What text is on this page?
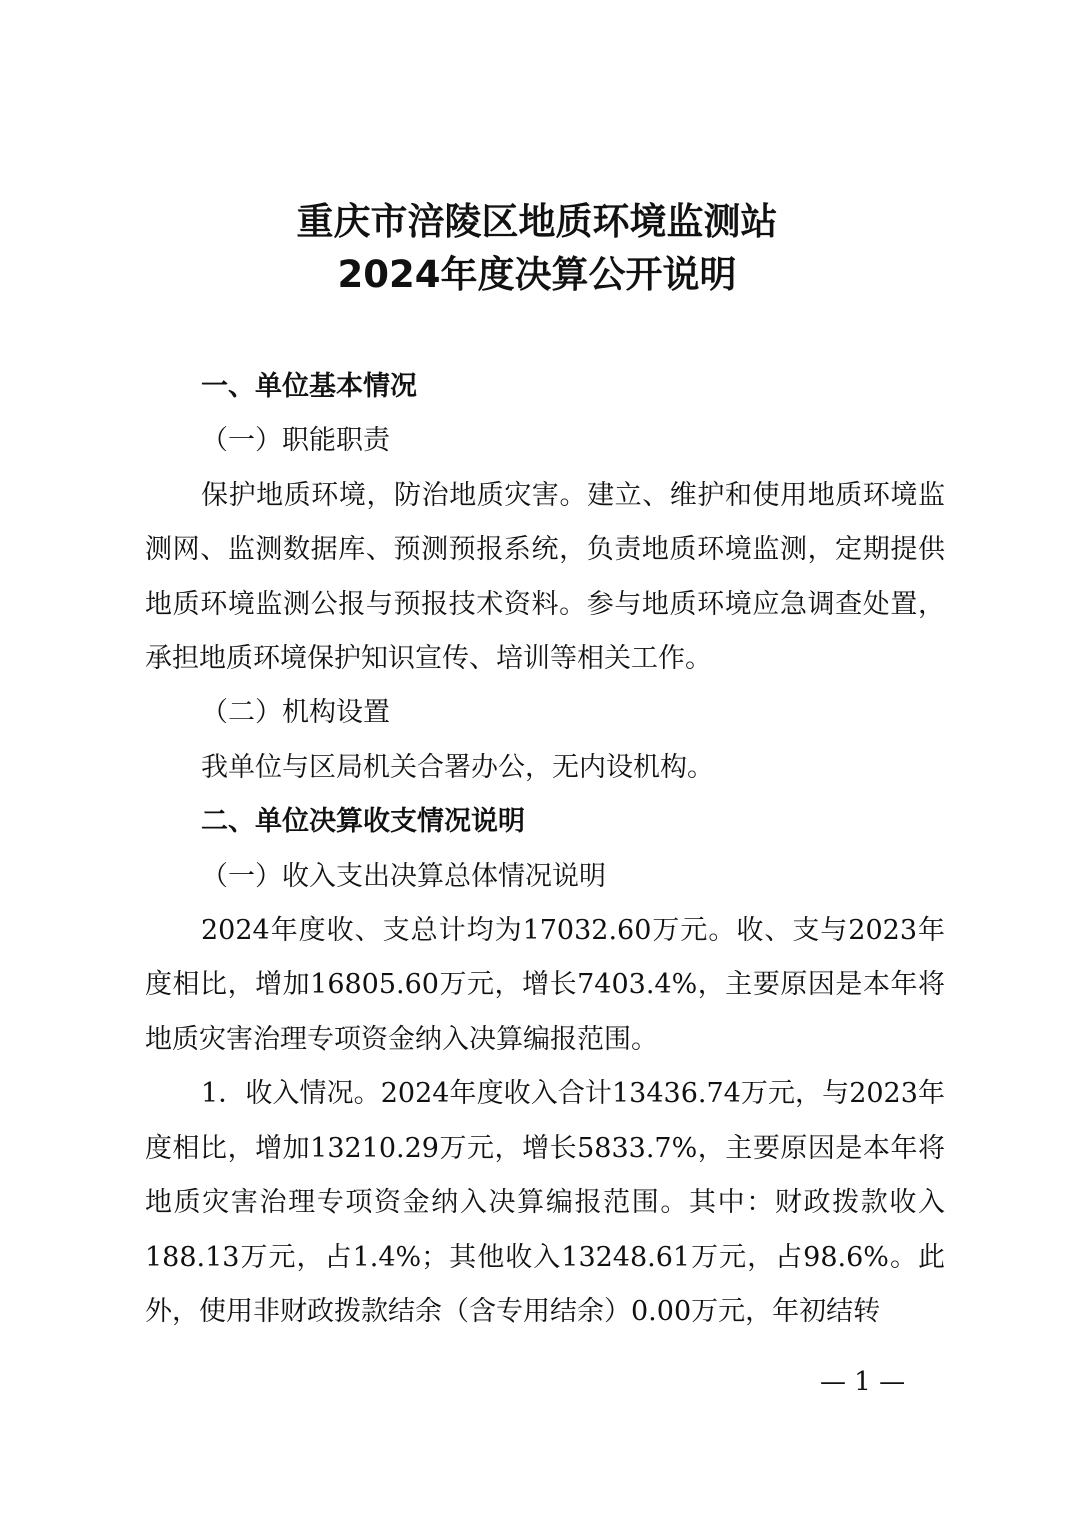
重庆市涪陵区地质环境监测站
2024年度决算公开说明

一、单位基本情况

（一）职能职责

保护地质环境，防治地质灾害。建立、维护和使用地质环境监测网、监测数据库、预测预报系统，负责地质环境监测，定期提供地质环境监测公报与预报技术资料。参与地质环境应急调查处置，承担地质环境保护知识宣传、培训等相关工作。

（二）机构设置

我单位与区局机关合署办公，无内设机构。

二、单位决算收支情况说明

（一）收入支出决算总体情况说明

2024年度收、支总计均为17032.60万元。收、支与2023年度相比，增加16805.60万元，增长7403.4%，主要原因是本年将地质灾害治理专项资金纳入决算编报范围。

1．收入情况。2024年度收入合计13436.74万元，与2023年度相比，增加13210.29万元，增长5833.7%，主要原因是本年将地质灾害治理专项资金纳入决算编报范围。其中：财政拨款收入188.13万元，占1.4%；其他收入13248.61万元，占98.6%。此外，使用非财政拨款结余（含专用结余）0.00万元，年初结转

— 1 —
